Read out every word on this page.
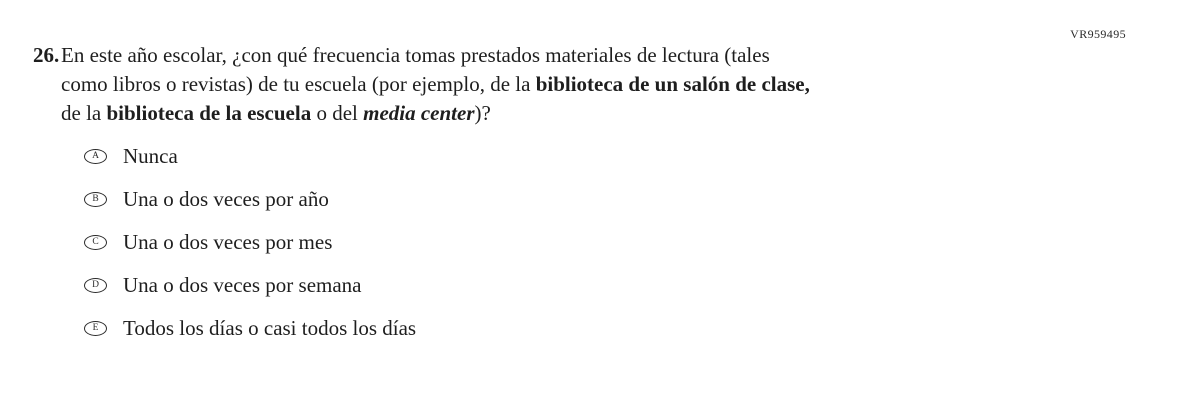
VR959495
26. En este año escolar, ¿con qué frecuencia tomas prestados materiales de lectura (tales
como libros o revistas) de tu escuela (por ejemplo, de la biblioteca de un salón de clase,
de la biblioteca de la escuela o del media center)?
A Nunca
B Una o dos veces por año
C Una o dos veces por mes
D Una o dos veces por semana
E Todos los días o casi todos los días
